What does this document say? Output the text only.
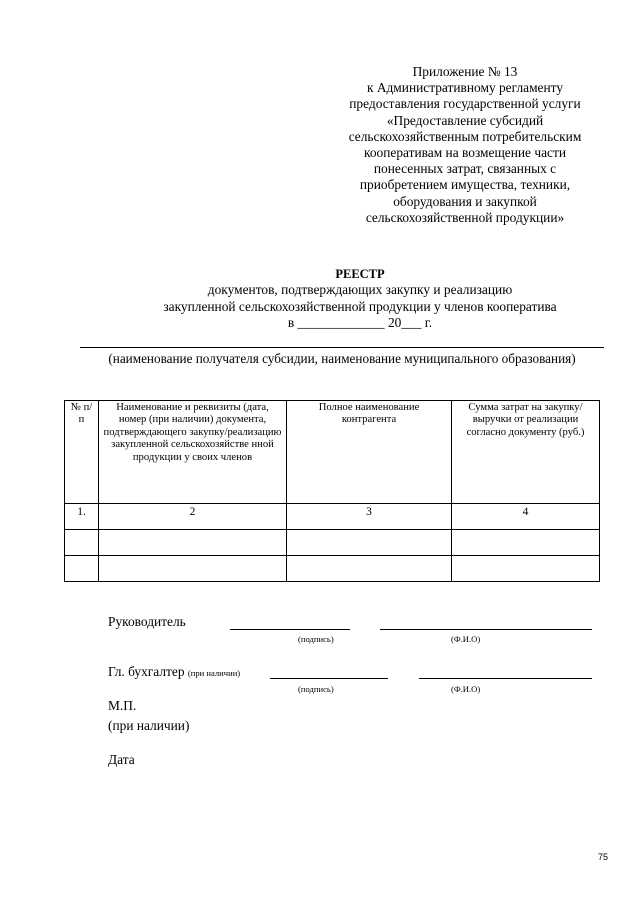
Приложение № 13
к Административному регламенту
предоставления государственной услуги
«Предоставление субсидий
сельскохозяйственным потребительским
кооперативам на возмещение части
понесенных затрат, связанных с
приобретением имущества, техники,
оборудования и закупкой
сельскохозяйственной продукции»
РЕЕСТР
документов, подтверждающих закупку и реализацию
закупленной сельскохозяйственной продукции у членов кооператива
в _____________ 20___ г.
(наименование получателя субсидии, наименование муниципального образования)
№ п/п	Наименование и реквизиты (дата, номер (при наличии) документа, подтверждающего закупку/реализацию закупленной сельскохозяйстве нной продукции у своих членов	Полное наименование контрагента	Сумма затрат на закупку/выручки от реализации согласно документу (руб.)
1.	2	3	4

Руководитель
(подпись)	(Ф.И.О)
Гл. бухгалтер (при наличии)
(подпись)	(Ф.И.О)
М.П.
(при наличии)
Дата
75
